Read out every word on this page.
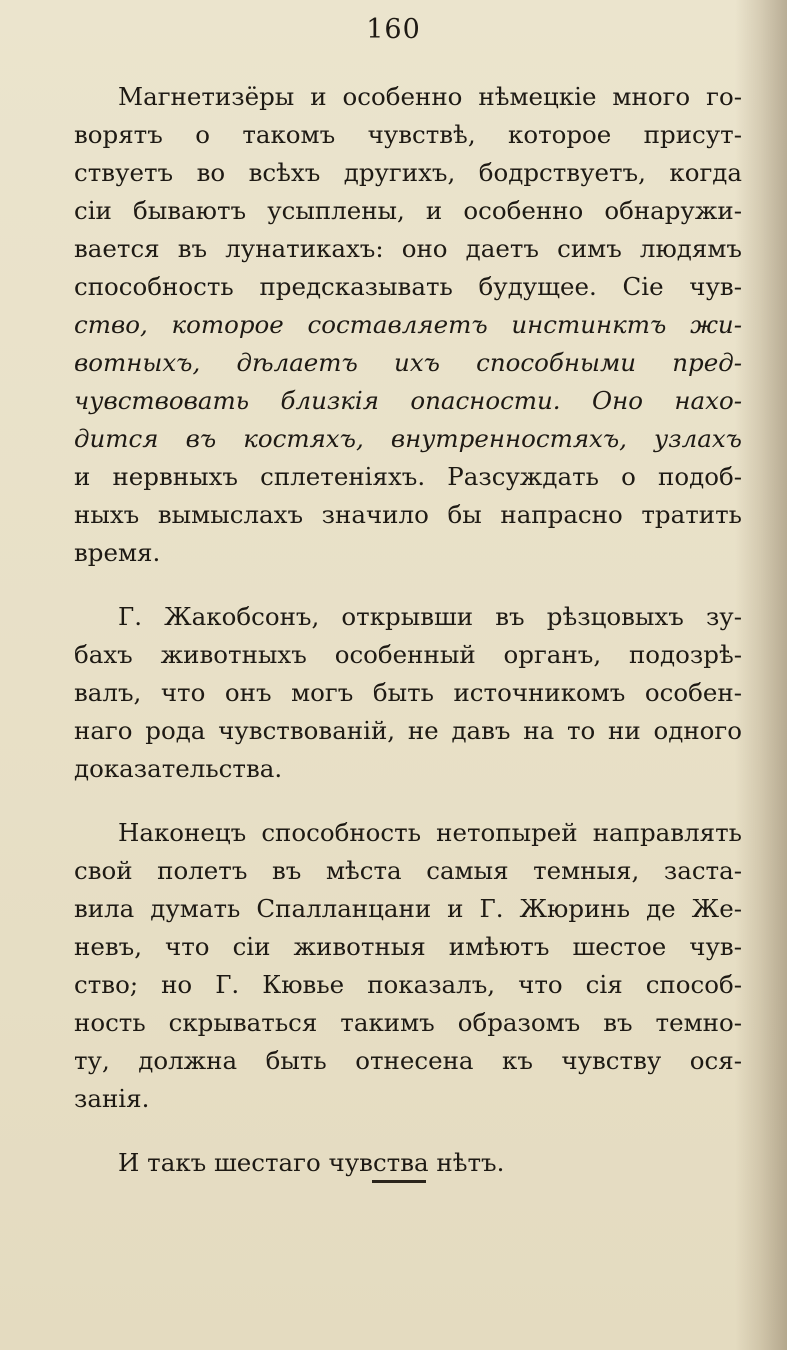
160
Магнетизёры и особенно нѣмецкіе много го-
ворятъ о такомъ чувствѣ, которое присут-
ствуетъ во всѣхъ другихъ, бодрствуетъ, когда
сіи бываютъ усыплены, и особенно обнаружи-
вается въ лунатикахъ: оно даетъ симъ людямъ
способность предсказывать будущее. Сіе чув-
ство, которое составляетъ инстинктъ жи-
вотныхъ, дѣлаетъ ихъ способными пред-
чувствовать близкія опасности. Оно нахо-
дится въ костяхъ, внутренностяхъ, узлахъ
и нервныхъ сплетеніяхъ. Разсуждать о подоб-
ныхъ вымыслахъ значило бы напрасно тратить
время.
Г. Жакобсонъ, открывши въ рѣзцовыхъ зу-
бахъ животныхъ особенный органъ, подозрѣ-
валъ, что онъ могъ быть источникомъ особен-
наго рода чувствованій, не давъ на то ни одного
доказательства.
Наконецъ способность нетопырей направлять
свой полетъ въ мѣста самыя темныя, заста-
вила думать Спалланцани и Г. Жюринь де Же-
невъ, что сіи животныя имѣютъ шестое чув-
ство; но Г. Кювье показалъ, что сія способ-
ность скрываться такимъ образомъ въ темно-
ту, должна быть отнесена къ чувству ося-
занія.
И такъ шестаго чувства нѣтъ.
